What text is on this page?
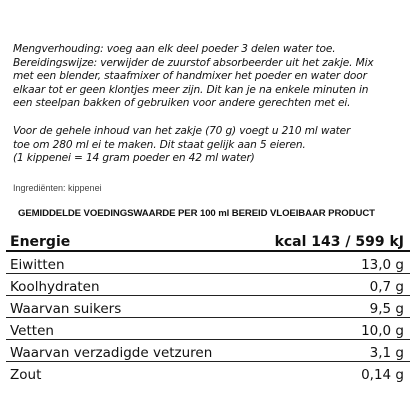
Mengverhouding: voeg aan elk deel poeder 3 delen water toe.
Bereidingswijze: verwijder de zuurstof absorbeerder uit het zakje. Mix
met een blender, staafmixer of handmixer het poeder en water door
elkaar tot er geen klontjes meer zijn. Dit kan je na enkele minuten in
een steelpan bakken of gebruiken voor andere gerechten met ei.
Voor de gehele inhoud van het zakje (70 g) voegt u 210 ml water
toe om 280 ml ei te maken. Dit staat gelijk aan 5 eieren.
(1 kippenei = 14 gram poeder en 42 ml water)
Ingrediënten: kippenei
GEMIDDELDE VOEDINGSWAARDE PER 100 ml BEREID VLOEIBAAR PRODUCT
Energie	kcal 143 / 599 kJ
Eiwitten	13,0 g
Koolhydraten	0,7 g
Waarvan suikers	9,5 g
Vetten	10,0 g
Waarvan verzadigde vetzuren	3,1 g
Zout	0,14 g
